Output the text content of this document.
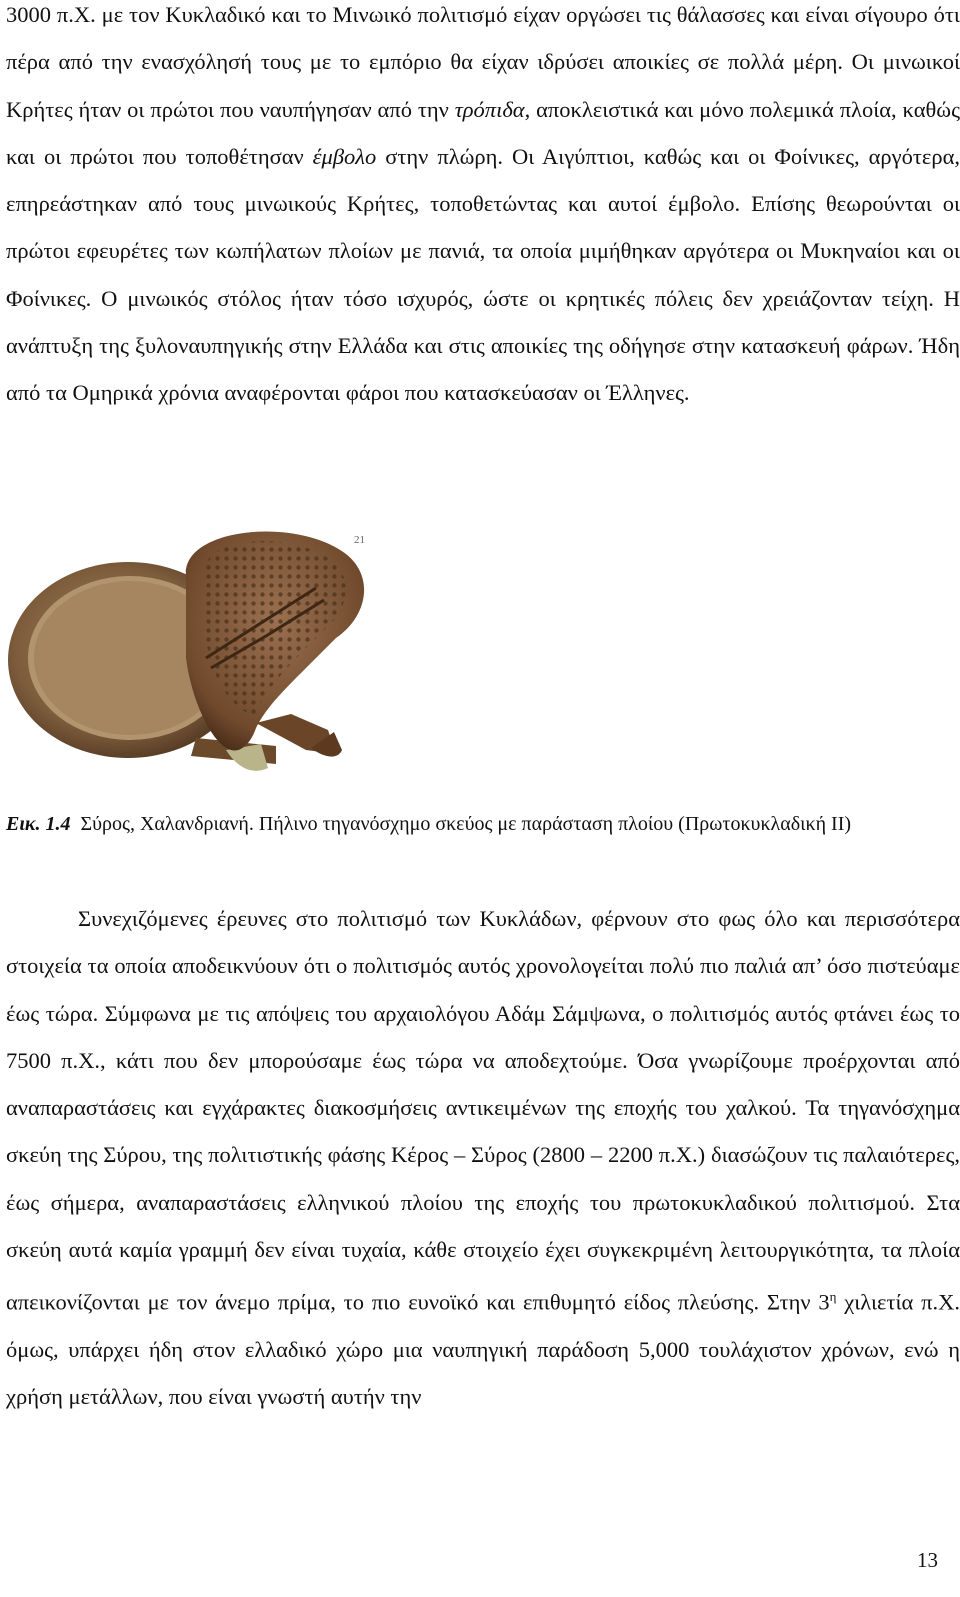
3000 π.Χ. με τον Κυκλαδικό και το Μινωικό πολιτισμό είχαν οργώσει τις θάλασσες και είναι σίγουρο ότι πέρα από την ενασχόλησή τους με το εμπόριο θα είχαν ιδρύσει αποικίες σε πολλά μέρη. Οι μινωικοί Κρήτες ήταν οι πρώτοι που ναυπήγησαν από την τρόπιδα, αποκλειστικά και μόνο πολεμικά πλοία, καθώς και οι πρώτοι που τοποθέτησαν έμβολο στην πλώρη. Οι Αιγύπτιοι, καθώς και οι Φοίνικες, αργότερα, επηρεάστηκαν από τους μινωικούς Κρήτες, τοποθετώντας και αυτοί έμβολο. Επίσης θεωρούνται οι πρώτοι εφευρέτες των κωπήλατων πλοίων με πανιά, τα οποία μιμήθηκαν αργότερα οι Μυκηναίοι και οι Φοίνικες. Ο μινωικός στόλος ήταν τόσο ισχυρός, ώστε οι κρητικές πόλεις δεν χρειάζονταν τείχη. Η ανάπτυξη της ξυλοναυπηγικής στην Ελλάδα και στις αποικίες της οδήγησε στην κατασκευή φάρων. Ήδη από τα Ομηρικά χρόνια αναφέρονται φάροι που κατασκεύασαν οι Έλληνες.

21

Εικ. 1.4 Σύρος, Χαλανδριανή. Πήλινο τηγανόσχημο σκεύος με παράσταση πλοίου (Πρωτοκυκλαδική ΙΙ)

Συνεχιζόμενες έρευνες στο πολιτισμό των Κυκλάδων, φέρνουν στο φως όλο και περισσότερα στοιχεία τα οποία αποδεικνύουν ότι ο πολιτισμός αυτός χρονολογείται πολύ πιο παλιά απ’ όσο πιστεύαμε έως τώρα. Σύμφωνα με τις απόψεις του αρχαιολόγου Αδάμ Σάμψωνα, ο πολιτισμός αυτός φτάνει έως το 7500 π.Χ., κάτι που δεν μπορούσαμε έως τώρα να αποδεχτούμε. Όσα γνωρίζουμε προέρχονται από αναπαραστάσεις και εγχάρακτες διακοσμήσεις αντικειμένων της εποχής του χαλκού. Τα τηγανόσχημα σκεύη της Σύρου, της πολιτιστικής φάσης Κέρος – Σύρος (2800 – 2200 π.Χ.) διασώζουν τις παλαιότερες, έως σήμερα, αναπαραστάσεις ελληνικού πλοίου της εποχής του πρωτοκυκλαδικού πολιτισμού. Στα σκεύη αυτά καμία γραμμή δεν είναι τυχαία, κάθε στοιχείο έχει συγκεκριμένη λειτουργικότητα, τα πλοία απεικονίζονται με τον άνεμο πρίμα, το πιο ευνοϊκό και επιθυμητό είδος πλεύσης. Στην $3^\eta$ χιλιετία π.Χ. όμως, υπάρχει ήδη στον ελλαδικό χώρο μια ναυπηγική παράδοση 5,000 τουλάχιστον χρόνων, ενώ η χρήση μετάλλων, που είναι γνωστή αυτήν την

13
